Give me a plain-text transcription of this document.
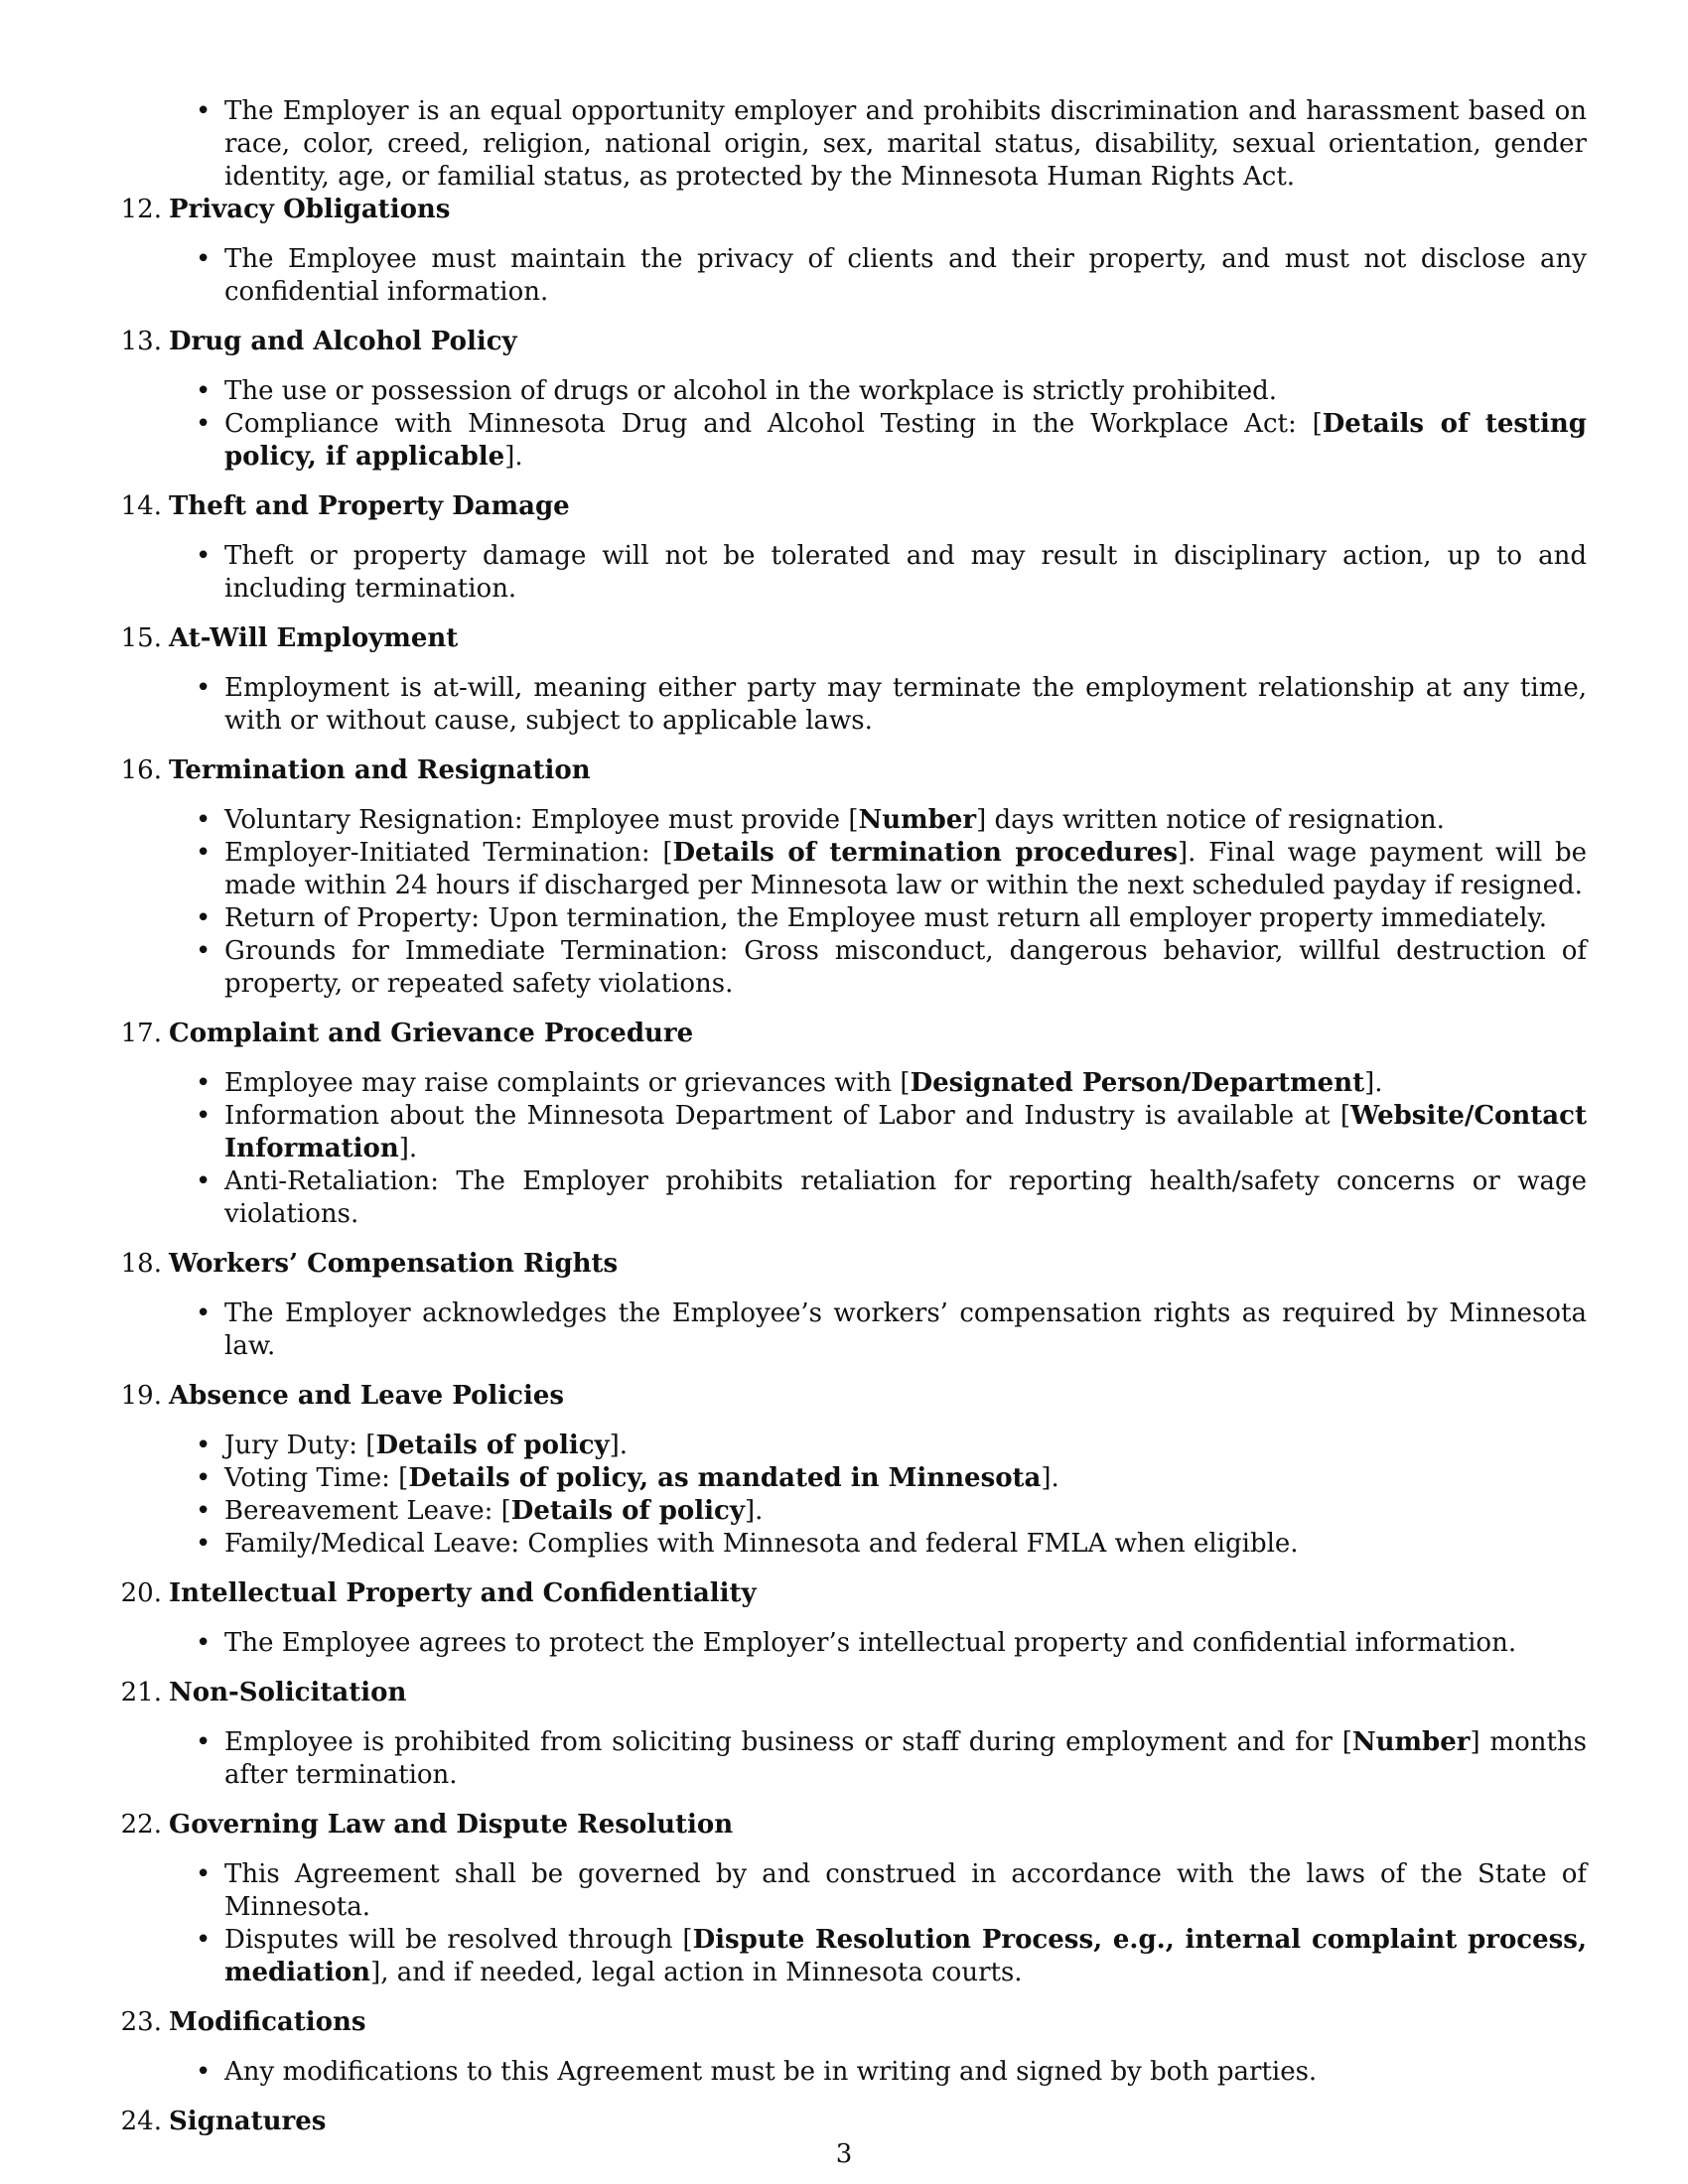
• The Employer is an equal opportunity employer and prohibits discrimination and harassment based on race, color, creed, religion, national origin, sex, marital status, disability, sexual orientation, gender identity, age, or familial status, as protected by the Minnesota Human Rights Act.
12. Privacy Obligations
• The Employee must maintain the privacy of clients and their property, and must not disclose any confidential information.
13. Drug and Alcohol Policy
• The use or possession of drugs or alcohol in the workplace is strictly prohibited.
• Compliance with Minnesota Drug and Alcohol Testing in the Workplace Act: [Details of testing policy, if applicable].
14. Theft and Property Damage
• Theft or property damage will not be tolerated and may result in disciplinary action, up to and including termination.
15. At-Will Employment
• Employment is at-will, meaning either party may terminate the employment relationship at any time, with or without cause, subject to applicable laws.
16. Termination and Resignation
• Voluntary Resignation: Employee must provide [Number] days written notice of resignation.
• Employer-Initiated Termination: [Details of termination procedures]. Final wage payment will be made within 24 hours if discharged per Minnesota law or within the next scheduled payday if resigned.
• Return of Property: Upon termination, the Employee must return all employer property immediately.
• Grounds for Immediate Termination: Gross misconduct, dangerous behavior, willful destruction of property, or repeated safety violations.
17. Complaint and Grievance Procedure
• Employee may raise complaints or grievances with [Designated Person/Department].
• Information about the Minnesota Department of Labor and Industry is available at [Website/Contact Information].
• Anti-Retaliation: The Employer prohibits retaliation for reporting health/safety concerns or wage violations.
18. Workers’ Compensation Rights
• The Employer acknowledges the Employee’s workers’ compensation rights as required by Minnesota law.
19. Absence and Leave Policies
• Jury Duty: [Details of policy].
• Voting Time: [Details of policy, as mandated in Minnesota].
• Bereavement Leave: [Details of policy].
• Family/Medical Leave: Complies with Minnesota and federal FMLA when eligible.
20. Intellectual Property and Confidentiality
• The Employee agrees to protect the Employer’s intellectual property and confidential information.
21. Non-Solicitation
• Employee is prohibited from soliciting business or staff during employment and for [Number] months after termination.
22. Governing Law and Dispute Resolution
• This Agreement shall be governed by and construed in accordance with the laws of the State of Minnesota.
• Disputes will be resolved through [Dispute Resolution Process, e.g., internal complaint process, mediation], and if needed, legal action in Minnesota courts.
23. Modifications
• Any modifications to this Agreement must be in writing and signed by both parties.
24. Signatures
3
